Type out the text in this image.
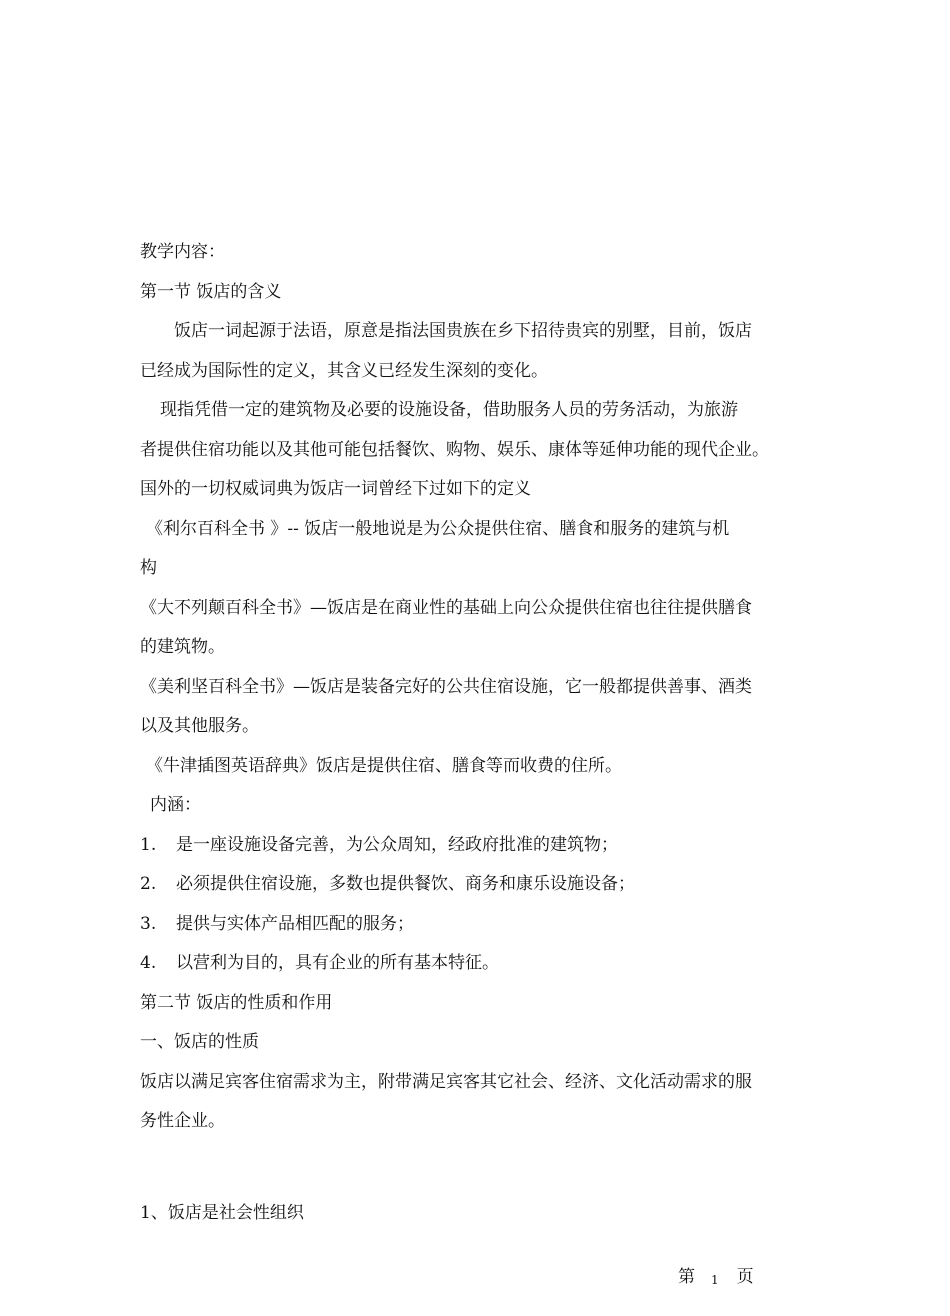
教学内容：
第一节 饭店的含义
饭店一词起源于法语，原意是指法国贵族在乡下招待贵宾的别墅，目前，饭店
已经成为国际性的定义，其含义已经发生深刻的变化。
现指凭借一定的建筑物及必要的设施设备，借助服务人员的劳务活动，为旅游
者提供住宿功能以及其他可能包括餐饮、购物、娱乐、康体等延伸功能的现代企业。
国外的一切权威词典为饭店一词曾经下过如下的定义
《利尔百科全书 》-- 饭店一般地说是为公众提供住宿、膳食和服务的建筑与机
构
《大不列颠百科全书》—饭店是在商业性的基础上向公众提供住宿也往往提供膳食
的建筑物。
《美利坚百科全书》—饭店是装备完好的公共住宿设施，它一般都提供善事、酒类
以及其他服务。
《牛津插图英语辞典》饭店是提供住宿、膳食等而收费的住所。
内涵：
1. 是一座设施设备完善，为公众周知，经政府批准的建筑物；
2. 必须提供住宿设施，多数也提供餐饮、商务和康乐设施设备；
3. 提供与实体产品相匹配的服务；
4. 以营利为目的，具有企业的所有基本特征。
第二节 饭店的性质和作用
一、饭店的性质
饭店以满足宾客住宿需求为主，附带满足宾客其它社会、经济、文化活动需求的服
务性企业。
1、饭店是社会性组织
第 1 页
